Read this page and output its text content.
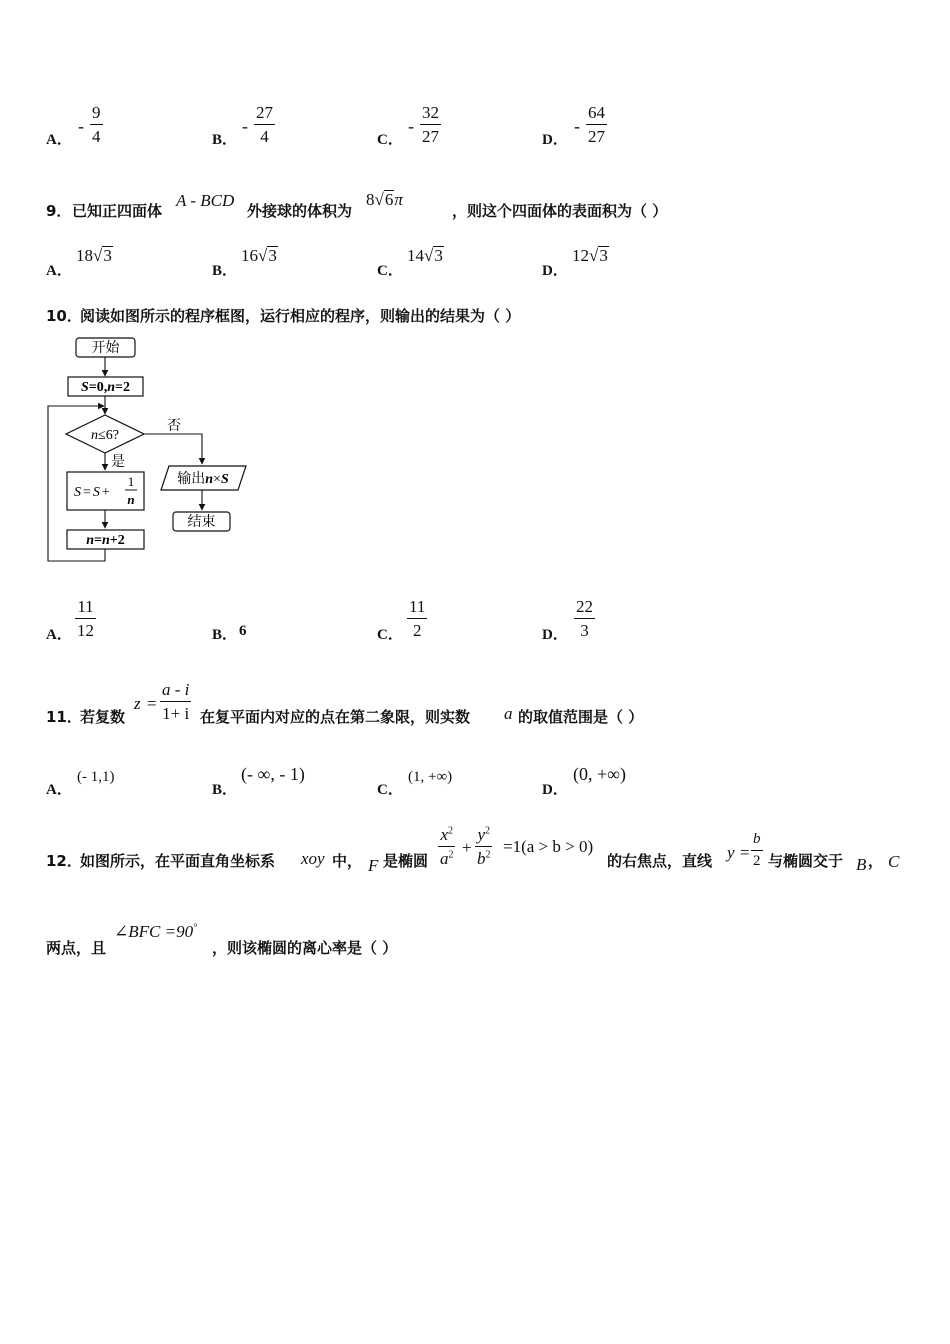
A．
- $\frac{9}{4}$	B．
- $\frac{27}{4}$	C．
- $\frac{32}{27}$	D．
- $\frac{64}{27}$
9． 已知正四面体
A - BCD
外接球的体积为
8√6π
，则这个四面体的表面积为（ ）
A．
18√3
B．
16√3
C．
14√3
D．
12√3
10．
阅读如图所示的程序框图，运行相应的程序，则输出的结果为（ ）
开始
S=0,n=2
n≤6?
否
输出n×S
结束
是
S = S +
1
n
n=n+2
A． $\frac{11}{12}$	B． 6	C． $\frac{11}{2}$	D． $\frac{22}{3}$
11．
若复数
$z = \frac{a - i}{1+ i}$ 在复平面内对应的点在第二象限，则实数 a 的取值范围是（ ）
A．
(- 1,1)
B．
(- ∞, - 1)
C．
(1, +∞)
D．
(0, +∞)
12．
如图所示，在平面直角坐标系 xoy 中， F 是椭圆 $\frac{x^2}{a^2} + \frac{y^2}{b^2} =1(a > b > 0)$
的右焦点，直线 $y = \frac{b}{2}$ 与椭圆交于 B ， C
两点，且
∠BFC =90°
，则该椭圆的离心率是（ ）
